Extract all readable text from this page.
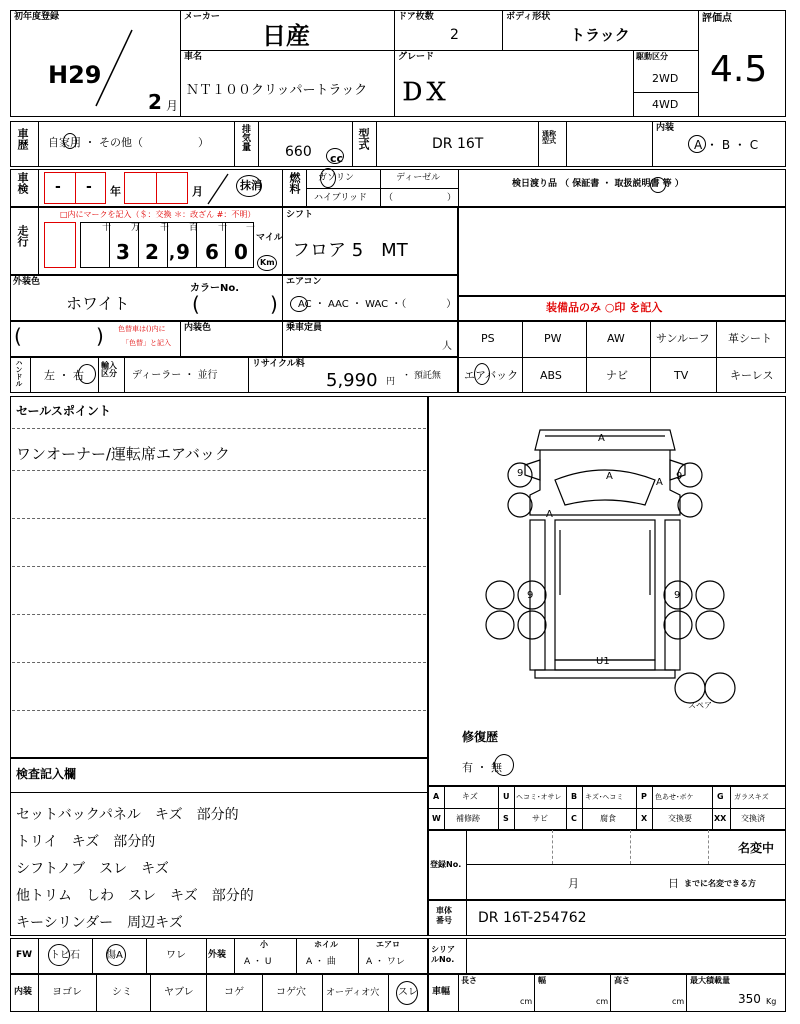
初年度登録
H29
2 月
メーカー
日産
ドア枚数
2
ボディ形状
トラック
評価点
4.5
車名
ＮＴ１００クリッパートラック
グレード
ＤＸ
駆動区分
2WD
4WD
車歴 自家用 ・ その他（　　　　　）	排気量
660 cc
型式	DR 16T
通称型式
内装
A ・ B ・ C
車検 - - 年	月	抹消 燃料 ガソリン	ディーゼル
ハイブリッド （　　　　　　）
検日渡り品 （ 保証書 ・ 取扱説明書 等 ）
走行
□内にマークを記入（＄：交換 ＊：改ざん #：不明）
十 万 千 百 十 一
3 2 , 9 6 0
マイル
Km
シフト
フロア 5　MT
外装色
ホワイト
カラーNo.
(	)
エアコン
AC ・ AAC ・ WAC ・（　　　　）	装備品のみ ○印 を記入
(	) 色替車は()内に
「色替」と記入
内装色	乗車定員
人
PS	PW	AW	サンルーフ 革シート
エアバック ABS	ナビ	TV	キーレス
ハンドル 左 ・ 右
輸入区分	ディーラー ・ 並行
リサイクル料
5,990 円
・ 預託無
セールスポイント
ワンオーナー/運転席エアバック
A
A
A
A
9	9
9	9
U1
スペア
修復歴
有 ・ 無
検査記入欄
セットバックパネル　キズ　部分的
トリイ　キズ　部分的
シフトノブ　スレ　キズ
他トリム　しわ　スレ　キズ　部分的
キーシリンダー　周辺キズ
A	キズ	U ヘコミ･オサレ B キズ･ヘコミ P 色あせ･ボケ	G ガラスキズ
W 補修跡	S	サビ	C	腐食	X	交換要	XX 交換済
登録No.
名変中
月	日 までに名変できる方
車体番号	DR 16T-254762
FW トビ石	傷A	ワレ 外装
小	ホイル	エアロ
A ・ U	A ・ 曲	A ・ ワレ
シリアルNo.
内装 ヨゴレ	シミ	ヤブレ	コゲ	コゲ穴 オーディオ穴 スレ 車幅
長さ
cm
幅
cm
高さ
cm
最大積載量
350 Kg
